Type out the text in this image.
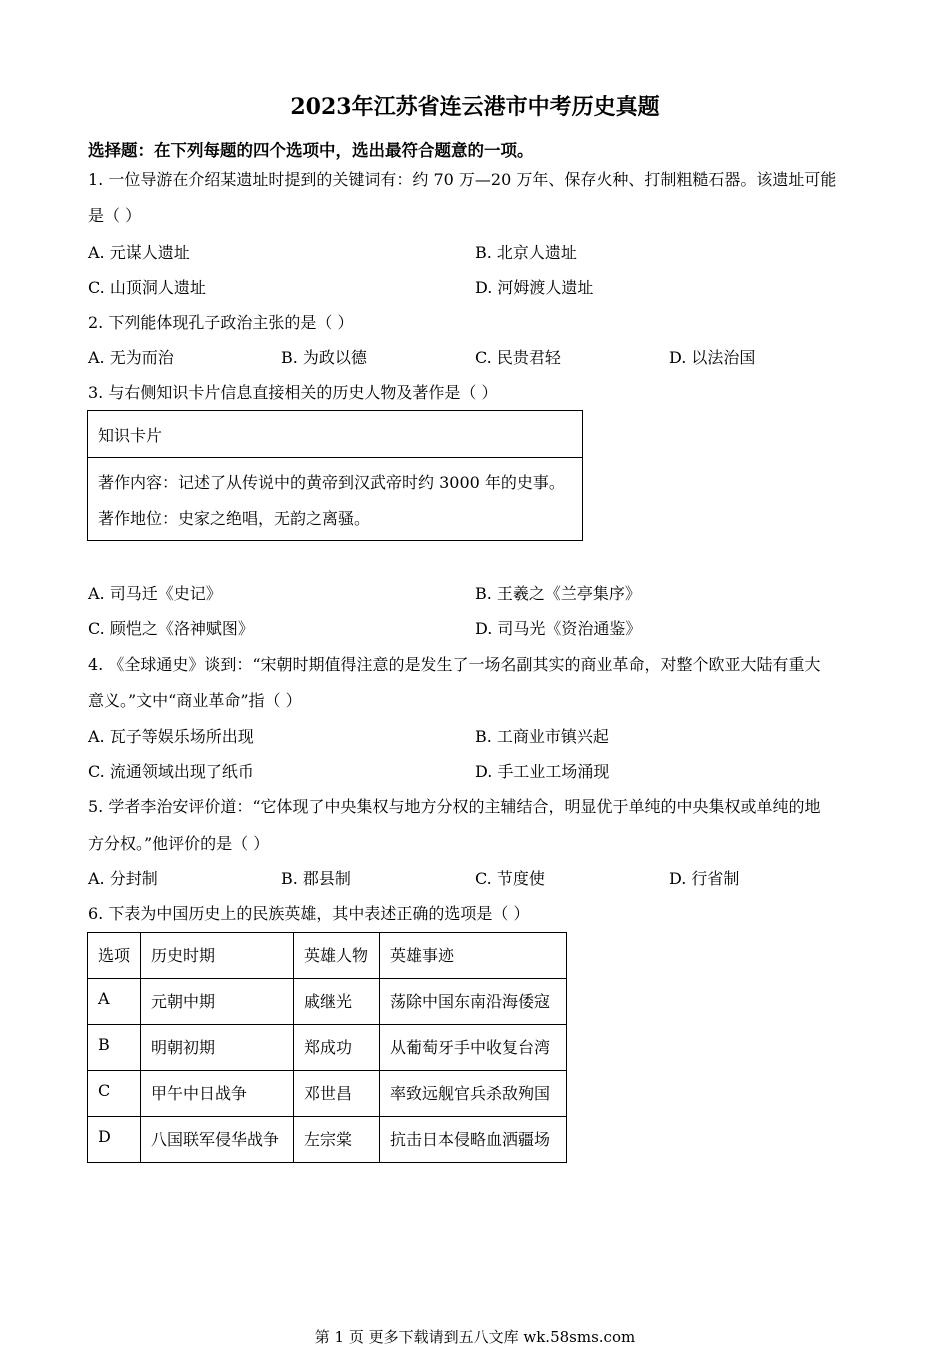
2023年江苏省连云港市中考历史真题
选择题：在下列每题的四个选项中，选出最符合题意的一项。
1. 一位导游在介绍某遗址时提到的关键词有：约 70 万—20 万年、保存火种、打制粗糙石器。该遗址可能
是（ ）
A. 元谋人遗址	B. 北京人遗址
C. 山顶洞人遗址	D. 河姆渡人遗址
2. 下列能体现孔子政治主张的是（ ）
A. 无为而治	B. 为政以德	C. 民贵君轻	D. 以法治国
3. 与右侧知识卡片信息直接相关的历史人物及著作是（ ）
知识卡片
著作内容：记述了从传说中的黄帝到汉武帝时约 3000 年的史事。
著作地位：史家之绝唱，无韵之离骚。
A. 司马迁《史记》	B. 王羲之《兰亭集序》
C. 顾恺之《洛神赋图》	D. 司马光《资治通鉴》
4. 《全球通史》谈到：“宋朝时期值得注意的是发生了一场名副其实的商业革命，对整个欧亚大陆有重大
意义。”文中“商业革命”指（ ）
A. 瓦子等娱乐场所出现	B. 工商业市镇兴起
C. 流通领域出现了纸币	D. 手工业工场涌现
5. 学者李治安评价道：“它体现了中央集权与地方分权的主辅结合，明显优于单纯的中央集权或单纯的地
方分权。”他评价的是（ ）
A. 分封制	B. 郡县制	C. 节度使	D. 行省制
6. 下表为中国历史上的民族英雄，其中表述正确的选项是（ ）
选项	历史时期	英雄人物	英雄事迹
A	元朝中期	戚继光	荡除中国东南沿海倭寇
B	明朝初期	郑成功	从葡萄牙手中收复台湾
C	甲午中日战争	邓世昌	率致远舰官兵杀敌殉国
D	八国联军侵华战争	左宗棠	抗击日本侵略血洒疆场
第 1 页 更多下载请到五八文库 wk.58sms.com
